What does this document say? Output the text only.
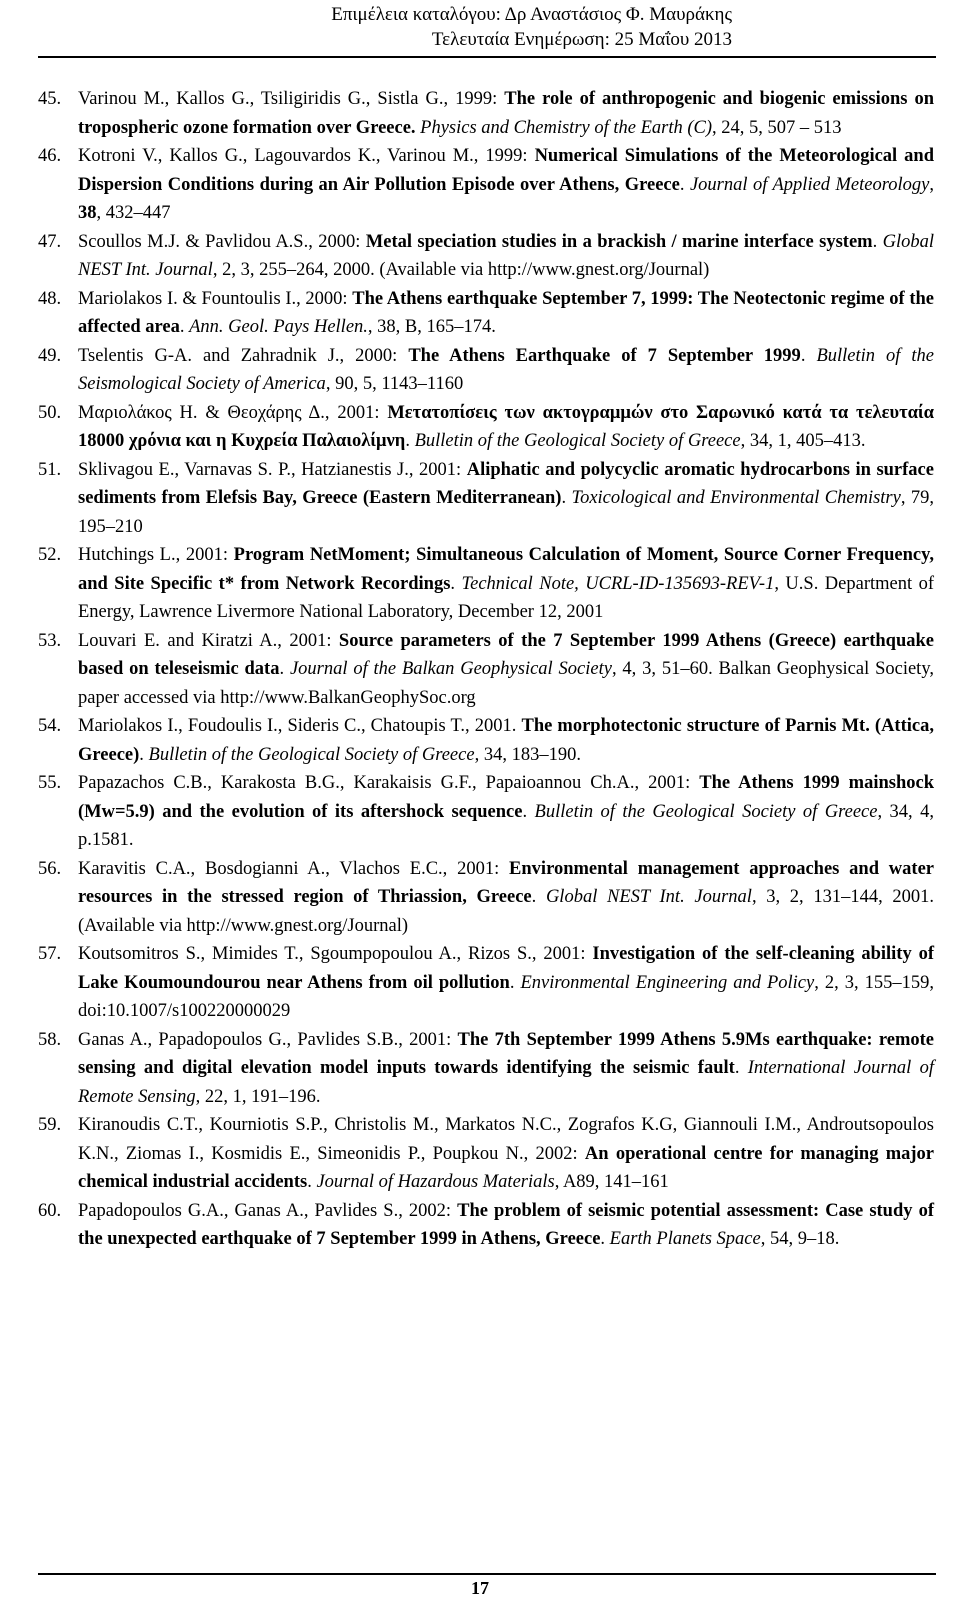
Επιμέλεια καταλόγου: Δρ Αναστάσιος Φ. Μαυράκης
Τελευταία Ενημέρωση: 25 Μαΐου 2013
45. Varinou M., Kallos G., Tsiligiridis G., Sistla G., 1999: The role of anthropogenic and biogenic emissions on tropospheric ozone formation over Greece. Physics and Chemistry of the Earth (C), 24, 5, 507 – 513
46. Kotroni V., Kallos G., Lagouvardos K., Varinou M., 1999: Numerical Simulations of the Meteorological and Dispersion Conditions during an Air Pollution Episode over Athens, Greece. Journal of Applied Meteorology, 38, 432–447
47. Scoullos M.J. & Pavlidou A.S., 2000: Metal speciation studies in a brackish / marine interface system. Global NEST Int. Journal, 2, 3, 255–264, 2000. (Available via http://www.gnest.org/Journal)
48. Mariolakos I. & Fountoulis I., 2000: The Athens earthquake September 7, 1999: The Neotectonic regime of the affected area. Ann. Geol. Pays Hellen., 38, B, 165–174.
49. Tselentis G-A. and Zahradnik J., 2000: The Athens Earthquake of 7 September 1999. Bulletin of the Seismological Society of America, 90, 5, 1143–1160
50. Μαριολάκος Η. & Θεοχάρης Δ., 2001: Μετατοπίσεις των ακτογραμμών στο Σαρωνικό κατά τα τελευταία 18000 χρόνια και η Κυχρεία Παλαιολίμνη. Bulletin of the Geological Society of Greece, 34, 1, 405–413.
51. Sklivagou E., Varnavas S. P., Hatzianestis J., 2001: Aliphatic and polycyclic aromatic hydrocarbons in surface sediments from Elefsis Bay, Greece (Eastern Mediterranean). Toxicological and Environmental Chemistry, 79, 195–210
52. Hutchings L., 2001: Program NetMoment; Simultaneous Calculation of Moment, Source Corner Frequency, and Site Specific t* from Network Recordings. Technical Note, UCRL-ID-135693-REV-1, U.S. Department of Energy, Lawrence Livermore National Laboratory, December 12, 2001
53. Louvari E. and Kiratzi A., 2001: Source parameters of the 7 September 1999 Athens (Greece) earthquake based on teleseismic data. Journal of the Balkan Geophysical Society, 4, 3, 51–60. Balkan Geophysical Society, paper accessed via http://www.BalkanGeophySoc.org
54. Mariolakos I., Foudoulis I., Sideris C., Chatoupis T., 2001. The morphotectonic structure of Parnis Mt. (Attica, Greece). Bulletin of the Geological Society of Greece, 34, 183–190.
55. Papazachos C.B., Karakosta B.G., Karakaisis G.F., Papaioannou Ch.A., 2001: The Athens 1999 mainshock (Mw=5.9) and the evolution of its aftershock sequence. Bulletin of the Geological Society of Greece, 34, 4, p.1581.
56. Karavitis C.A., Bosdogianni A., Vlachos E.C., 2001: Environmental management approaches and water resources in the stressed region of Thriassion, Greece. Global NEST Int. Journal, 3, 2, 131–144, 2001. (Available via http://www.gnest.org/Journal)
57. Koutsomitros S., Mimides T., Sgoumpopoulou A., Rizos S., 2001: Investigation of the self-cleaning ability of Lake Koumoundourou near Athens from oil pollution. Environmental Engineering and Policy, 2, 3, 155–159, doi:10.1007/s100220000029
58. Ganas A., Papadopoulos G., Pavlides S.B., 2001: The 7th September 1999 Athens 5.9Ms earthquake: remote sensing and digital elevation model inputs towards identifying the seismic fault. International Journal of Remote Sensing, 22, 1, 191–196.
59. Kiranoudis C.T., Kourniotis S.P., Christolis M., Markatos N.C., Zografos K.G, Giannouli I.M., Androutsopoulos K.N., Ziomas I., Kosmidis E., Simeonidis P., Poupkou N., 2002: An operational centre for managing major chemical industrial accidents. Journal of Hazardous Materials, A89, 141–161
60. Papadopoulos G.A., Ganas A., Pavlides S., 2002: The problem of seismic potential assessment: Case study of the unexpected earthquake of 7 September 1999 in Athens, Greece. Earth Planets Space, 54, 9–18.
17
